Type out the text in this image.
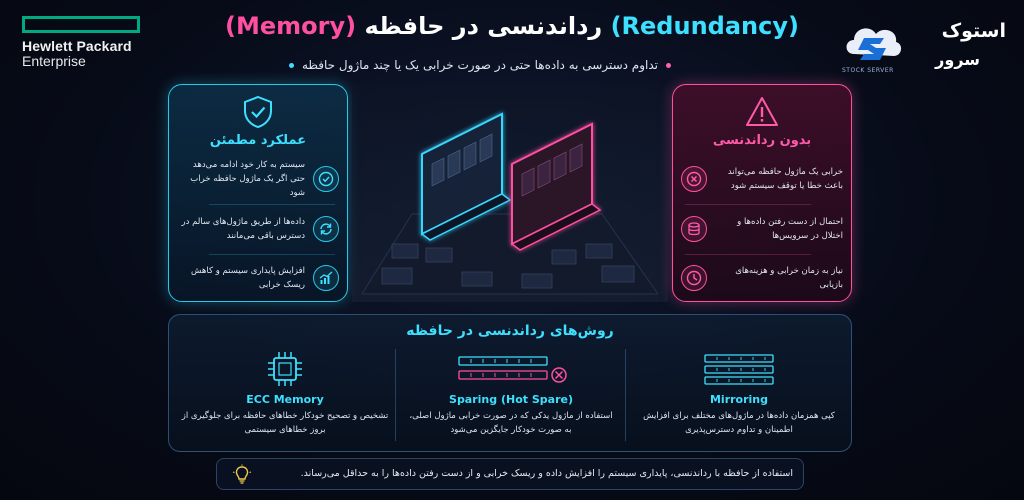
Hewlett Packard
Enterprise
استوک
سرور
STOCK SERVER
(Redundancy) رداندنسی در حافظه (Memory)
تداوم دسترسی به داده‌ها حتی در صورت خرابی یک یا چند ماژول حافظه
عملکرد مطمئن
سیستم به کار خود ادامه می‌دهد حتی اگر یک ماژول حافظه خراب شود
داده‌ها از طریق ماژول‌های سالم در دسترس باقی می‌مانند
افزایش پایداری سیستم و کاهش ریسک خرابی
بدون رداندنسی
خرابی یک ماژول حافظه می‌تواند باعث خطا یا توقف سیستم شود
احتمال از دست رفتن داده‌ها و اختلال در سرویس‌ها
نیاز به زمان خرابی و هزینه‌های بازیابی
روش‌های رداندنسی در حافظه
ECC Memory
تشخیص و تصحیح خودکار خطاهای حافظه برای جلوگیری از بروز خطاهای سیستمی
Sparing (Hot Spare)
استفاده از ماژول یدکی که در صورت خرابی ماژول اصلی، به صورت خودکار جایگزین می‌شود
Mirroring
کپی همزمان داده‌ها در ماژول‌های مختلف برای افزایش اطمینان و تداوم دسترس‌پذیری
استفاده از حافظه با رداندنسی، پایداری سیستم را افزایش داده و ریسک خرابی و از دست رفتن داده‌ها را به حداقل می‌رساند.
